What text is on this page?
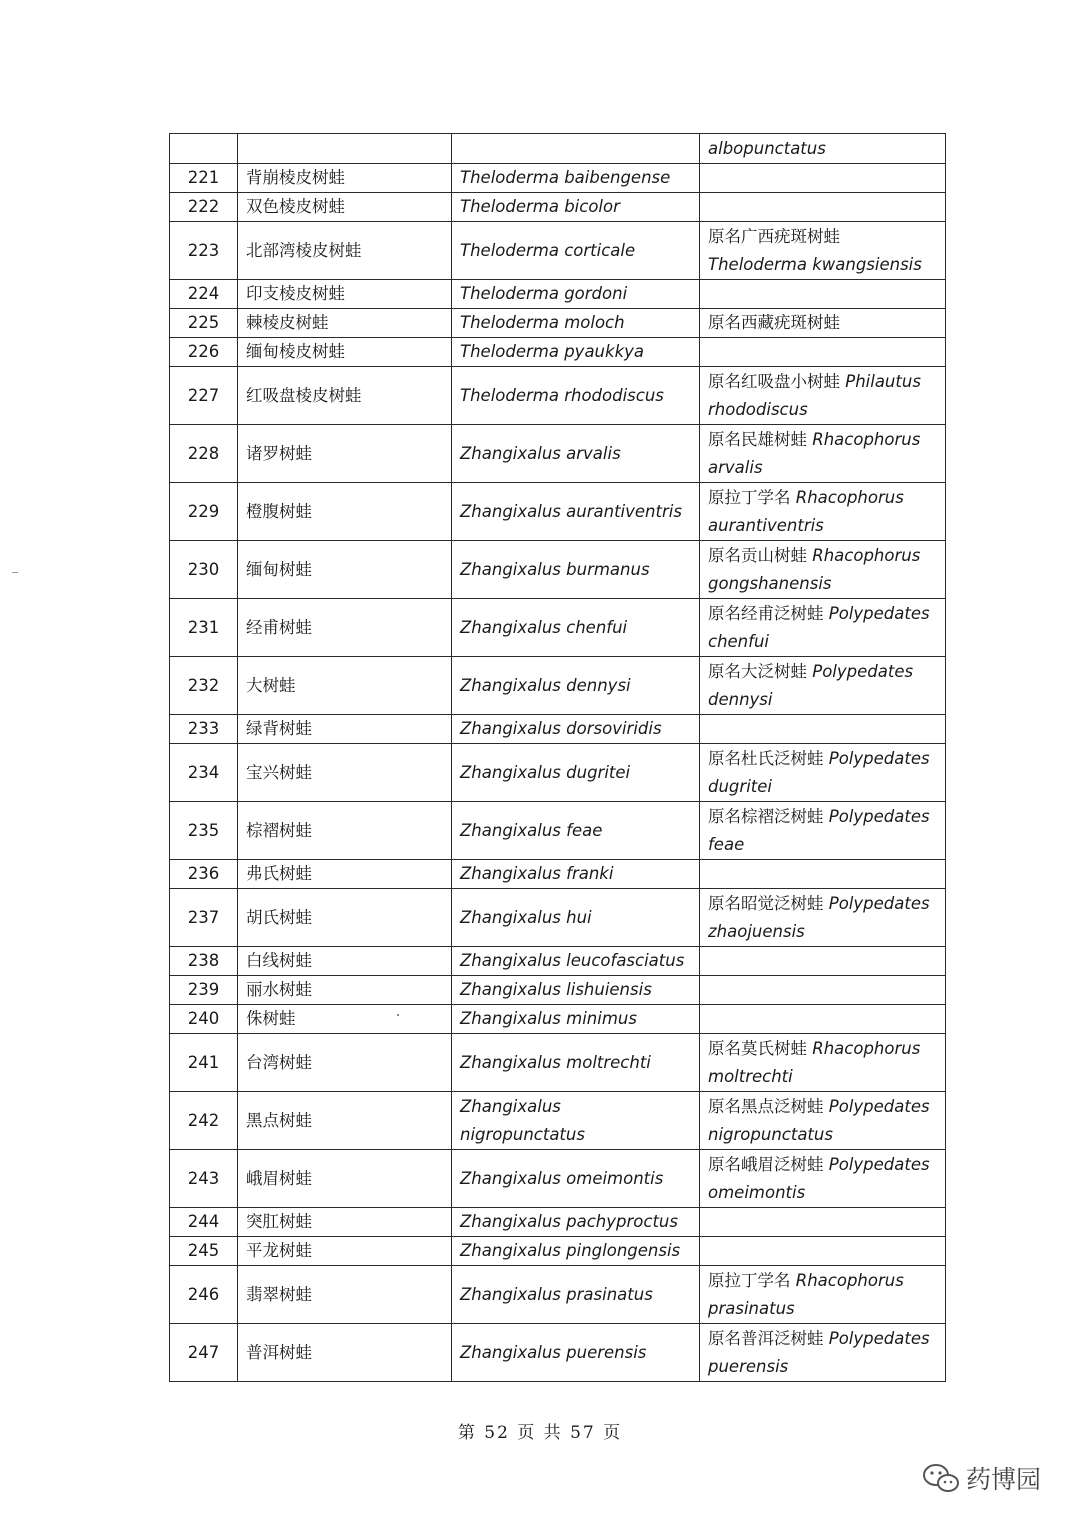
			albopunctatus
221	背崩棱皮树蛙	Theloderma baibengense	
222	双色棱皮树蛙	Theloderma bicolor	
223	北部湾棱皮树蛙	Theloderma corticale	原名广西疣斑树蛙 Theloderma kwangsiensis
224	印支棱皮树蛙	Theloderma gordoni	
225	棘棱皮树蛙	Theloderma moloch	原名西藏疣斑树蛙
226	缅甸棱皮树蛙	Theloderma pyaukkya	
227	红吸盘棱皮树蛙	Theloderma rhododiscus	原名红吸盘小树蛙 Philautus rhododiscus
228	诸罗树蛙	Zhangixalus arvalis	原名民雄树蛙 Rhacophorus arvalis
229	橙腹树蛙	Zhangixalus aurantiventris	原拉丁学名 Rhacophorus aurantiventris
230	缅甸树蛙	Zhangixalus burmanus	原名贡山树蛙 Rhacophorus gongshanensis
231	经甫树蛙	Zhangixalus chenfui	原名经甫泛树蛙 Polypedates chenfui
232	大树蛙	Zhangixalus dennysi	原名大泛树蛙 Polypedates dennysi
233	绿背树蛙	Zhangixalus dorsoviridis	
234	宝兴树蛙	Zhangixalus dugritei	原名杜氏泛树蛙 Polypedates dugritei
235	棕褶树蛙	Zhangixalus feae	原名棕褶泛树蛙 Polypedates feae
236	弗氏树蛙	Zhangixalus franki	
237	胡氏树蛙	Zhangixalus hui	原名昭觉泛树蛙 Polypedates zhaojuensis
238	白线树蛙	Zhangixalus leucofasciatus	
239	丽水树蛙	Zhangixalus lishuiensis	
240	侏树蛙	Zhangixalus minimus	
241	台湾树蛙	Zhangixalus moltrechti	原名莫氏树蛙 Rhacophorus moltrechti
242	黑点树蛙	Zhangixalus nigropunctatus	原名黑点泛树蛙 Polypedates nigropunctatus
243	峨眉树蛙	Zhangixalus omeimontis	原名峨眉泛树蛙 Polypedates omeimontis
244	突肛树蛙	Zhangixalus pachyproctus	
245	平龙树蛙	Zhangixalus pinglongensis	
246	翡翠树蛙	Zhangixalus prasinatus	原拉丁学名 Rhacophorus prasinatus
247	普洱树蛙	Zhangixalus puerensis	原名普洱泛树蛙 Polypedates puerensis
第 52 页 共 57 页
药博园
